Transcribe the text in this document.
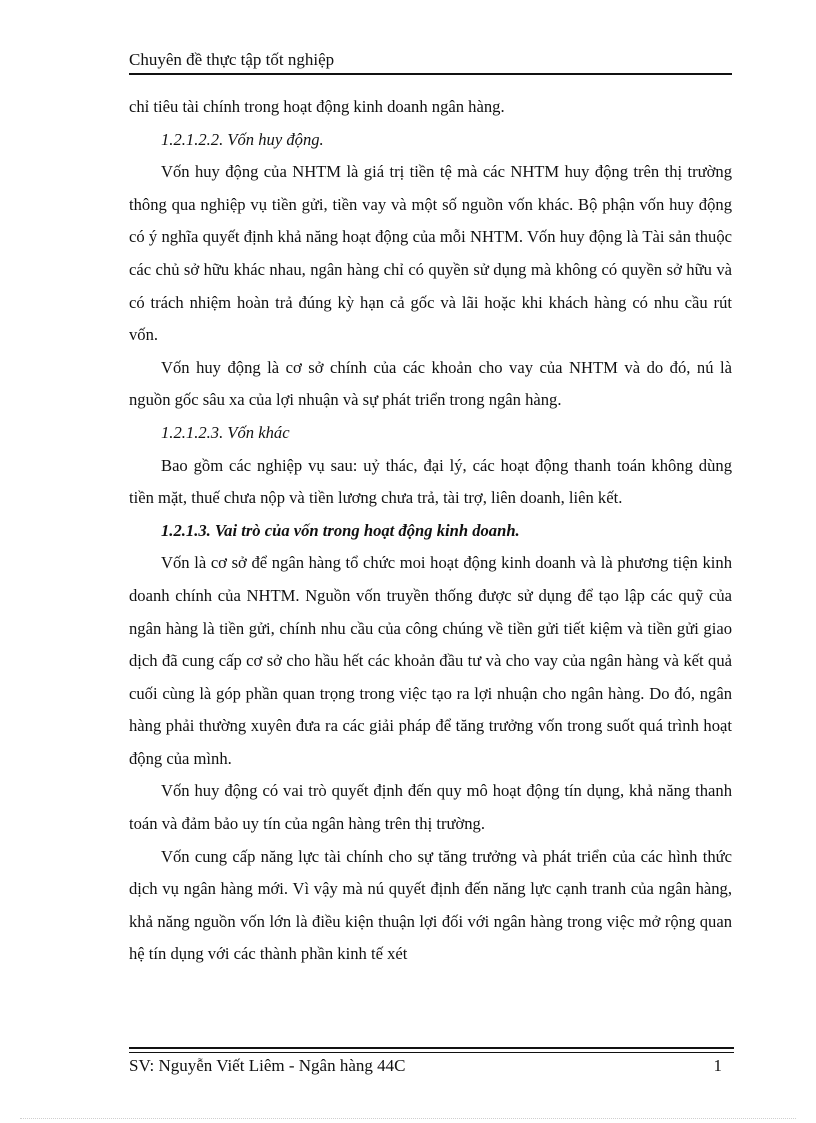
Chuyên đề thực tập tốt nghiệp

chỉ tiêu tài chính trong hoạt động kinh doanh ngân hàng.

1.2.1.2.2. Vốn huy động.

Vốn huy động của NHTM là giá trị tiền tệ mà các NHTM huy động trên thị trường thông qua nghiệp vụ tiền gửi, tiền vay và một số nguồn vốn khác. Bộ phận vốn huy động có ý nghĩa quyết định khả năng hoạt động của mỗi NHTM. Vốn huy động là Tài sản thuộc các chủ sở hữu khác nhau, ngân hàng chỉ có quyền sử dụng mà không có quyền sở hữu và có trách nhiệm hoàn trả đúng kỳ hạn cả gốc và lãi hoặc khi khách hàng có nhu cầu rút vốn.

Vốn huy động là cơ sở chính của các khoản cho vay của NHTM và do đó, nú là nguồn gốc sâu xa của lợi nhuận và sự phát triển trong ngân hàng.

1.2.1.2.3. Vốn khác

Bao gồm các nghiệp vụ sau: uỷ thác, đại lý, các hoạt động thanh toán không dùng tiền mặt, thuế chưa nộp và tiền lương chưa trả, tài trợ, liên doanh, liên kết.

1.2.1.3. Vai trò của vốn trong hoạt động kinh doanh.

Vốn là cơ sở để ngân hàng tổ chức moi hoạt động kinh doanh và là phương tiện kinh doanh chính của NHTM. Nguồn vốn truyền thống được sử dụng để tạo lập các quỹ của ngân hàng là tiền gửi, chính nhu cầu của công chúng về tiền gửi tiết kiệm và tiền gửi giao dịch đã cung cấp cơ sở cho hầu hết các khoản đầu tư và cho vay của ngân hàng và kết quả cuối cùng là góp phần quan trọng trong việc tạo ra lợi nhuận cho ngân hàng. Do đó, ngân hàng phải thường xuyên đưa ra các giải pháp để tăng trưởng vốn trong suốt quá trình hoạt động của mình.

Vốn huy động có vai trò quyết định đến quy mô hoạt động tín dụng, khả năng thanh toán và đảm bảo uy tín của ngân hàng trên thị trường.

Vốn cung cấp năng lực tài chính cho sự tăng trưởng và phát triển của các hình thức dịch vụ ngân hàng mới. Vì vậy mà nú quyết định đến năng lực cạnh tranh của ngân hàng, khả năng nguồn vốn lớn là điều kiện thuận lợi đối với ngân hàng trong việc mở rộng quan hệ tín dụng với các thành phần kinh tế xét

SV: Nguyễn Viết Liêm - Ngân hàng 44C	1
